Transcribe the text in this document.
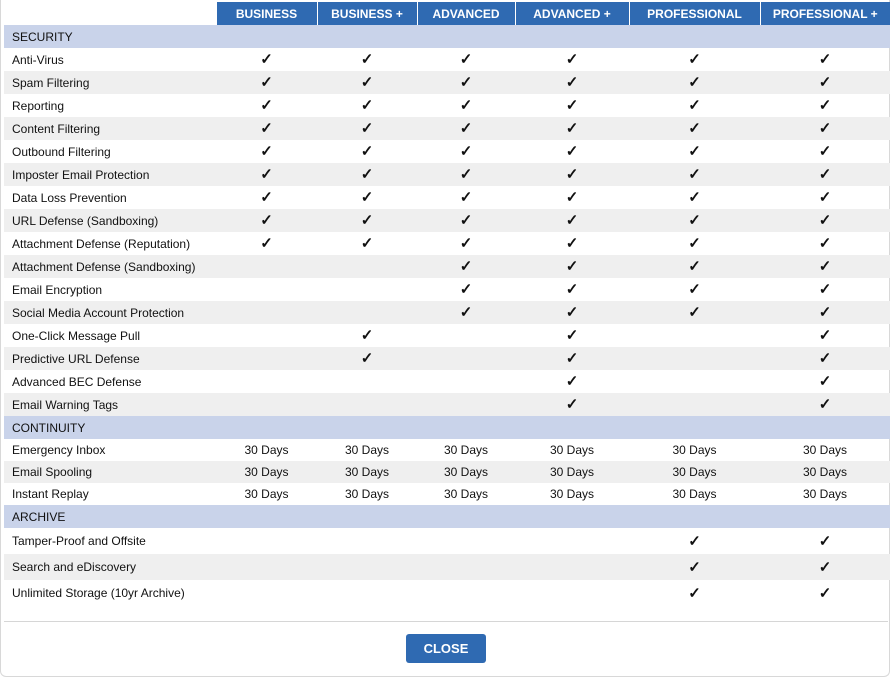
	BUSINESS	BUSINESS +	ADVANCED	ADVANCED +	PROFESSIONAL	PROFESSIONAL +
SECURITY						
Anti-Virus	✓	✓	✓	✓	✓	✓
Spam Filtering	✓	✓	✓	✓	✓	✓
Reporting	✓	✓	✓	✓	✓	✓
Content Filtering	✓	✓	✓	✓	✓	✓
Outbound Filtering	✓	✓	✓	✓	✓	✓
Imposter Email Protection	✓	✓	✓	✓	✓	✓
Data Loss Prevention	✓	✓	✓	✓	✓	✓
URL Defense (Sandboxing)	✓	✓	✓	✓	✓	✓
Attachment Defense (Reputation)	✓	✓	✓	✓	✓	✓
Attachment Defense (Sandboxing)			✓	✓	✓	✓
Email Encryption			✓	✓	✓	✓
Social Media Account Protection			✓	✓	✓	✓
One-Click Message Pull		✓		✓		✓
Predictive URL Defense		✓		✓		✓
Advanced BEC Defense				✓		✓
Email Warning Tags				✓		✓
CONTINUITY						
Emergency Inbox	30 Days	30 Days	30 Days	30 Days	30 Days	30 Days
Email Spooling	30 Days	30 Days	30 Days	30 Days	30 Days	30 Days
Instant Replay	30 Days	30 Days	30 Days	30 Days	30 Days	30 Days
ARCHIVE						
Tamper-Proof and Offsite					✓	✓
Search and eDiscovery					✓	✓
Unlimited Storage (10yr Archive)					✓	✓
CLOSE
